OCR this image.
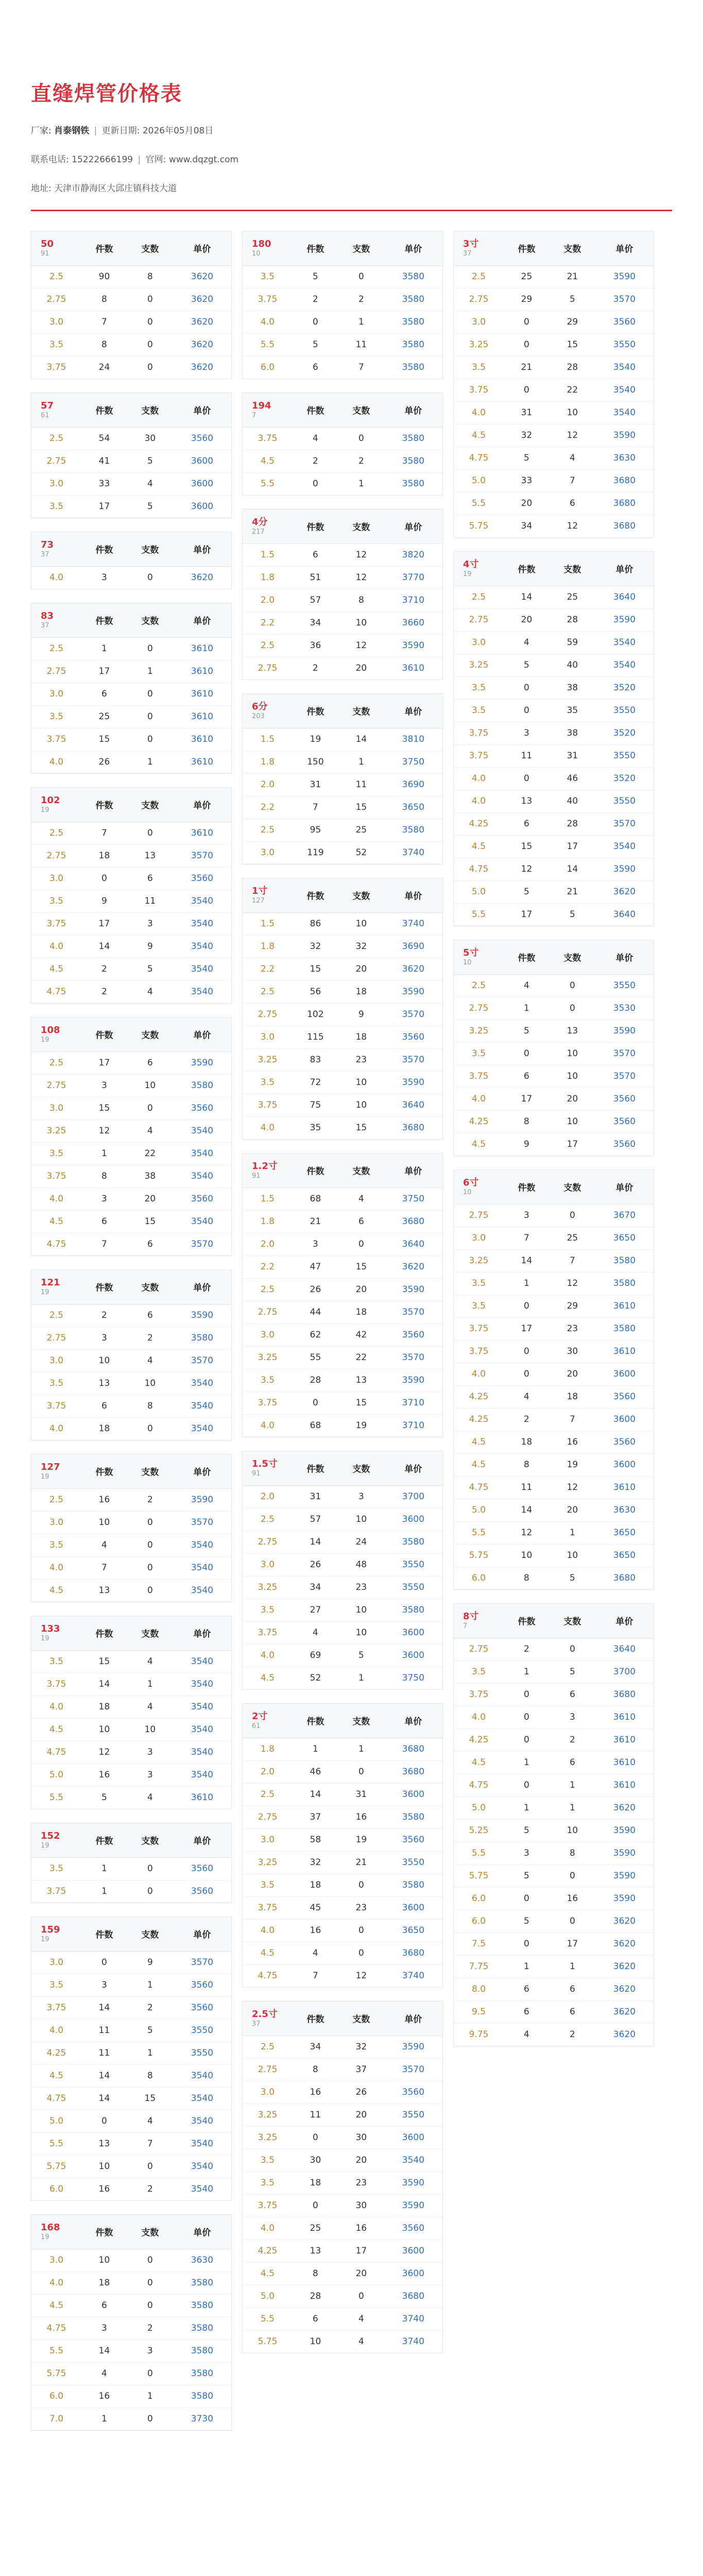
直缝焊管价格表
厂家: 肖泰钢铁 | 更新日期: 2026年05月08日
联系电话: 15222666199 | 官网: www.dqzgt.com
地址: 天津市静海区大邱庄镇科技大道
50
91	件数	支数	单价
2.5	90	8	3620
2.75	8	0	3620
3.0	7	0	3620
3.5	8	0	3620
3.75	24	0	3620
57
61	件数	支数	单价
2.5	54	30	3560
2.75	41	5	3600
3.0	33	4	3600
3.5	17	5	3600
73
37	件数	支数	单价
4.0	3	0	3620
83
37	件数	支数	单价
2.5	1	0	3610
2.75	17	1	3610
3.0	6	0	3610
3.5	25	0	3610
3.75	15	0	3610
4.0	26	1	3610
102
19	件数	支数	单价
2.5	7	0	3610
2.75	18	13	3570
3.0	0	6	3560
3.5	9	11	3540
3.75	17	3	3540
4.0	14	9	3540
4.5	2	5	3540
4.75	2	4	3540
108
19	件数	支数	单价
2.5	17	6	3590
2.75	3	10	3580
3.0	15	0	3560
3.25	12	4	3540
3.5	1	22	3540
3.75	8	38	3540
4.0	3	20	3560
4.5	6	15	3540
4.75	7	6	3570
121
19	件数	支数	单价
2.5	2	6	3590
2.75	3	2	3580
3.0	10	4	3570
3.5	13	10	3540
3.75	6	8	3540
4.0	18	0	3540
127
19	件数	支数	单价
2.5	16	2	3590
3.0	10	0	3570
3.5	4	0	3540
4.0	7	0	3540
4.5	13	0	3540
133
19	件数	支数	单价
3.5	15	4	3540
3.75	14	1	3540
4.0	18	4	3540
4.5	10	10	3540
4.75	12	3	3540
5.0	16	3	3540
5.5	5	4	3610
152
19	件数	支数	单价
3.5	1	0	3560
3.75	1	0	3560
159
19	件数	支数	单价
3.0	0	9	3570
3.5	3	1	3560
3.75	14	2	3560
4.0	11	5	3550
4.25	11	1	3550
4.5	14	8	3540
4.75	14	15	3540
5.0	0	4	3540
5.5	13	7	3540
5.75	10	0	3540
6.0	16	2	3540
168
19	件数	支数	单价
3.0	10	0	3630
4.0	18	0	3580
4.5	6	0	3580
4.75	3	2	3580
5.5	14	3	3580
5.75	4	0	3580
6.0	16	1	3580
7.0	1	0	3730
180
10	件数	支数	单价
3.5	5	0	3580
3.75	2	2	3580
4.0	0	1	3580
5.5	5	11	3580
6.0	6	7	3580
194
7	件数	支数	单价
3.75	4	0	3580
4.5	2	2	3580
5.5	0	1	3580
4分
217	件数	支数	单价
1.5	6	12	3820
1.8	51	12	3770
2.0	57	8	3710
2.2	34	10	3660
2.5	36	12	3590
2.75	2	20	3610
6分
203	件数	支数	单价
1.5	19	14	3810
1.8	150	1	3750
2.0	31	11	3690
2.2	7	15	3650
2.5	95	25	3580
3.0	119	52	3740
1寸
127	件数	支数	单价
1.5	86	10	3740
1.8	32	32	3690
2.2	15	20	3620
2.5	56	18	3590
2.75	102	9	3570
3.0	115	18	3560
3.25	83	23	3570
3.5	72	10	3590
3.75	75	10	3640
4.0	35	15	3680
1.2寸
91	件数	支数	单价
1.5	68	4	3750
1.8	21	6	3680
2.0	3	0	3640
2.2	47	15	3620
2.5	26	20	3590
2.75	44	18	3570
3.0	62	42	3560
3.25	55	22	3570
3.5	28	13	3590
3.75	0	15	3710
4.0	68	19	3710
1.5寸
91	件数	支数	单价
2.0	31	3	3700
2.5	57	10	3600
2.75	14	24	3580
3.0	26	48	3550
3.25	34	23	3550
3.5	27	10	3580
3.75	4	10	3600
4.0	69	5	3600
4.5	52	1	3750
2寸
61	件数	支数	单价
1.8	1	1	3680
2.0	46	0	3680
2.5	14	31	3600
2.75	37	16	3580
3.0	58	19	3560
3.25	32	21	3550
3.5	18	0	3580
3.75	45	23	3600
4.0	16	0	3650
4.5	4	0	3680
4.75	7	12	3740
2.5寸
37	件数	支数	单价
2.5	34	32	3590
2.75	8	37	3570
3.0	16	26	3560
3.25	11	20	3550
3.25	0	30	3600
3.5	30	20	3540
3.5	18	23	3590
3.75	0	30	3590
4.0	25	16	3560
4.25	13	17	3600
4.5	8	20	3600
5.0	28	0	3680
5.5	6	4	3740
5.75	10	4	3740
3寸
37	件数	支数	单价
2.5	25	21	3590
2.75	29	5	3570
3.0	0	29	3560
3.25	0	15	3550
3.5	21	28	3540
3.75	0	22	3540
4.0	31	10	3540
4.5	32	12	3590
4.75	5	4	3630
5.0	33	7	3680
5.5	20	6	3680
5.75	34	12	3680
4寸
19	件数	支数	单价
2.5	14	25	3640
2.75	20	28	3590
3.0	4	59	3540
3.25	5	40	3540
3.5	0	38	3520
3.5	0	35	3550
3.75	3	38	3520
3.75	11	31	3550
4.0	0	46	3520
4.0	13	40	3550
4.25	6	28	3570
4.5	15	17	3540
4.75	12	14	3590
5.0	5	21	3620
5.5	17	5	3640
5寸
10	件数	支数	单价
2.5	4	0	3550
2.75	1	0	3530
3.25	5	13	3590
3.5	0	10	3570
3.75	6	10	3570
4.0	17	20	3560
4.25	8	10	3560
4.5	9	17	3560
6寸
10	件数	支数	单价
2.75	3	0	3670
3.0	7	25	3650
3.25	14	7	3580
3.5	1	12	3580
3.5	0	29	3610
3.75	17	23	3580
3.75	0	30	3610
4.0	0	20	3600
4.25	4	18	3560
4.25	2	7	3600
4.5	18	16	3560
4.5	8	19	3600
4.75	11	12	3610
5.0	14	20	3630
5.5	12	1	3650
5.75	10	10	3650
6.0	8	5	3680
8寸
7	件数	支数	单价
2.75	2	0	3640
3.5	1	5	3700
3.75	0	6	3680
4.0	0	3	3610
4.25	0	2	3610
4.5	1	6	3610
4.75	0	1	3610
5.0	1	1	3620
5.25	5	10	3590
5.5	3	8	3590
5.75	5	0	3590
6.0	0	16	3590
6.0	5	0	3620
7.5	0	17	3620
7.75	1	1	3620
8.0	6	6	3620
9.5	6	6	3620
9.75	4	2	3620
